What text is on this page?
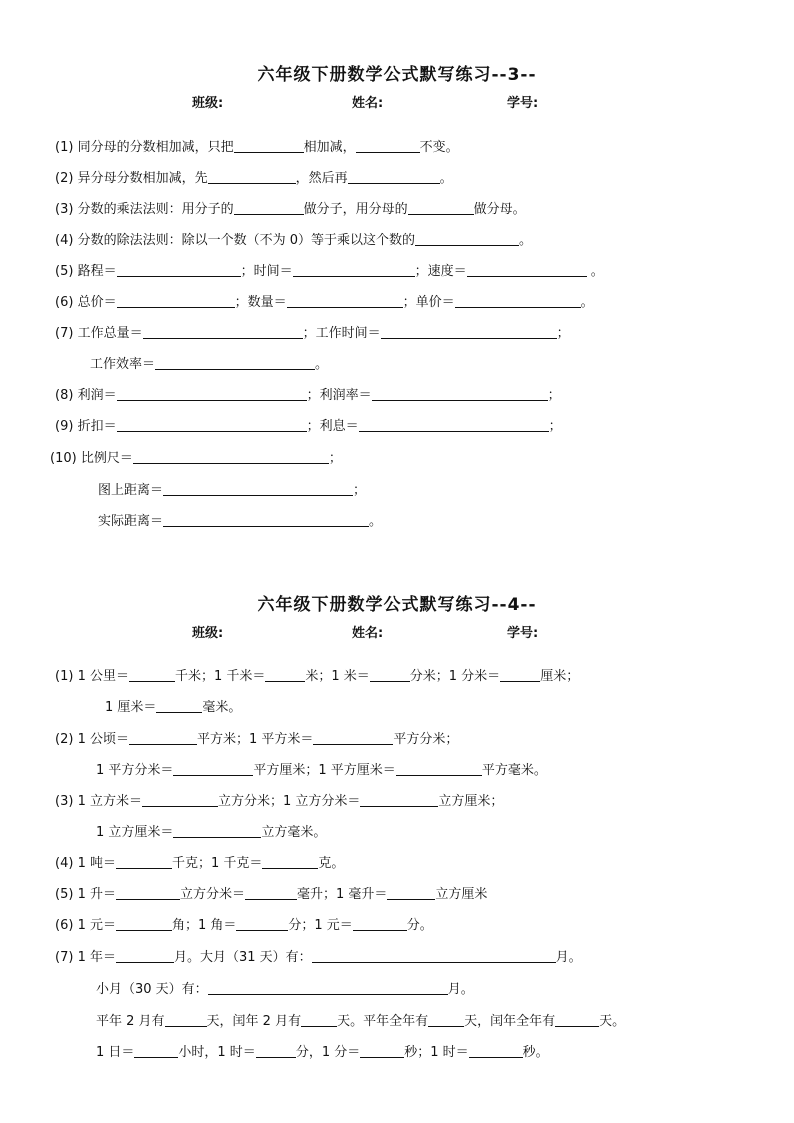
六年级下册数学公式默写练习--3--
班级:	姓名:	学号:
(1) 同分母的分数相加减，只把	相加减，	不变。
(2) 异分母分数相加减，先	，然后再	。
(3) 分数的乘法法则：用分子的	做分子，用分母的	做分母。
(4) 分数的除法法则：除以一个数（不为 0）等于乘以这个数的	。
(5) 路程＝	；时间＝	；速度＝	。
(6) 总价＝	；数量＝	；单价＝	。
(7) 工作总量＝	；工作时间＝	；
工作效率＝	。
(8) 利润＝	；利润率＝	；
(9) 折扣＝	；利息＝	；
(10) 比例尺＝	；
图上距离＝	；
实际距离＝	。
六年级下册数学公式默写练习--4--
班级:	姓名:	学号:
(1) 1 公里＝	千米；1 千米＝	米；1 米＝	分米；1 分米＝	厘米；
1 厘米＝	毫米。
(2) 1 公顷＝	平方米；1 平方米＝	平方分米；
1 平方分米＝	平方厘米；1 平方厘米＝	平方毫米。
(3) 1 立方米＝	立方分米；1 立方分米＝	立方厘米；
1 立方厘米＝	立方毫米。
(4) 1 吨＝	千克；1 千克＝	克。
(5) 1 升＝	立方分米＝	毫升；1 毫升＝	立方厘米
(6) 1 元＝	角；1 角＝	分；1 元＝	分。
(7) 1 年＝	月。大月（31 天）有：	月。
小月（30 天）有：	月。
平年 2 月有	天，闰年 2 月有	天。平年全年有	天，闰年全年有	天。
1 日＝	小时，1 时＝	分，1 分＝	秒；1 时＝	秒。
